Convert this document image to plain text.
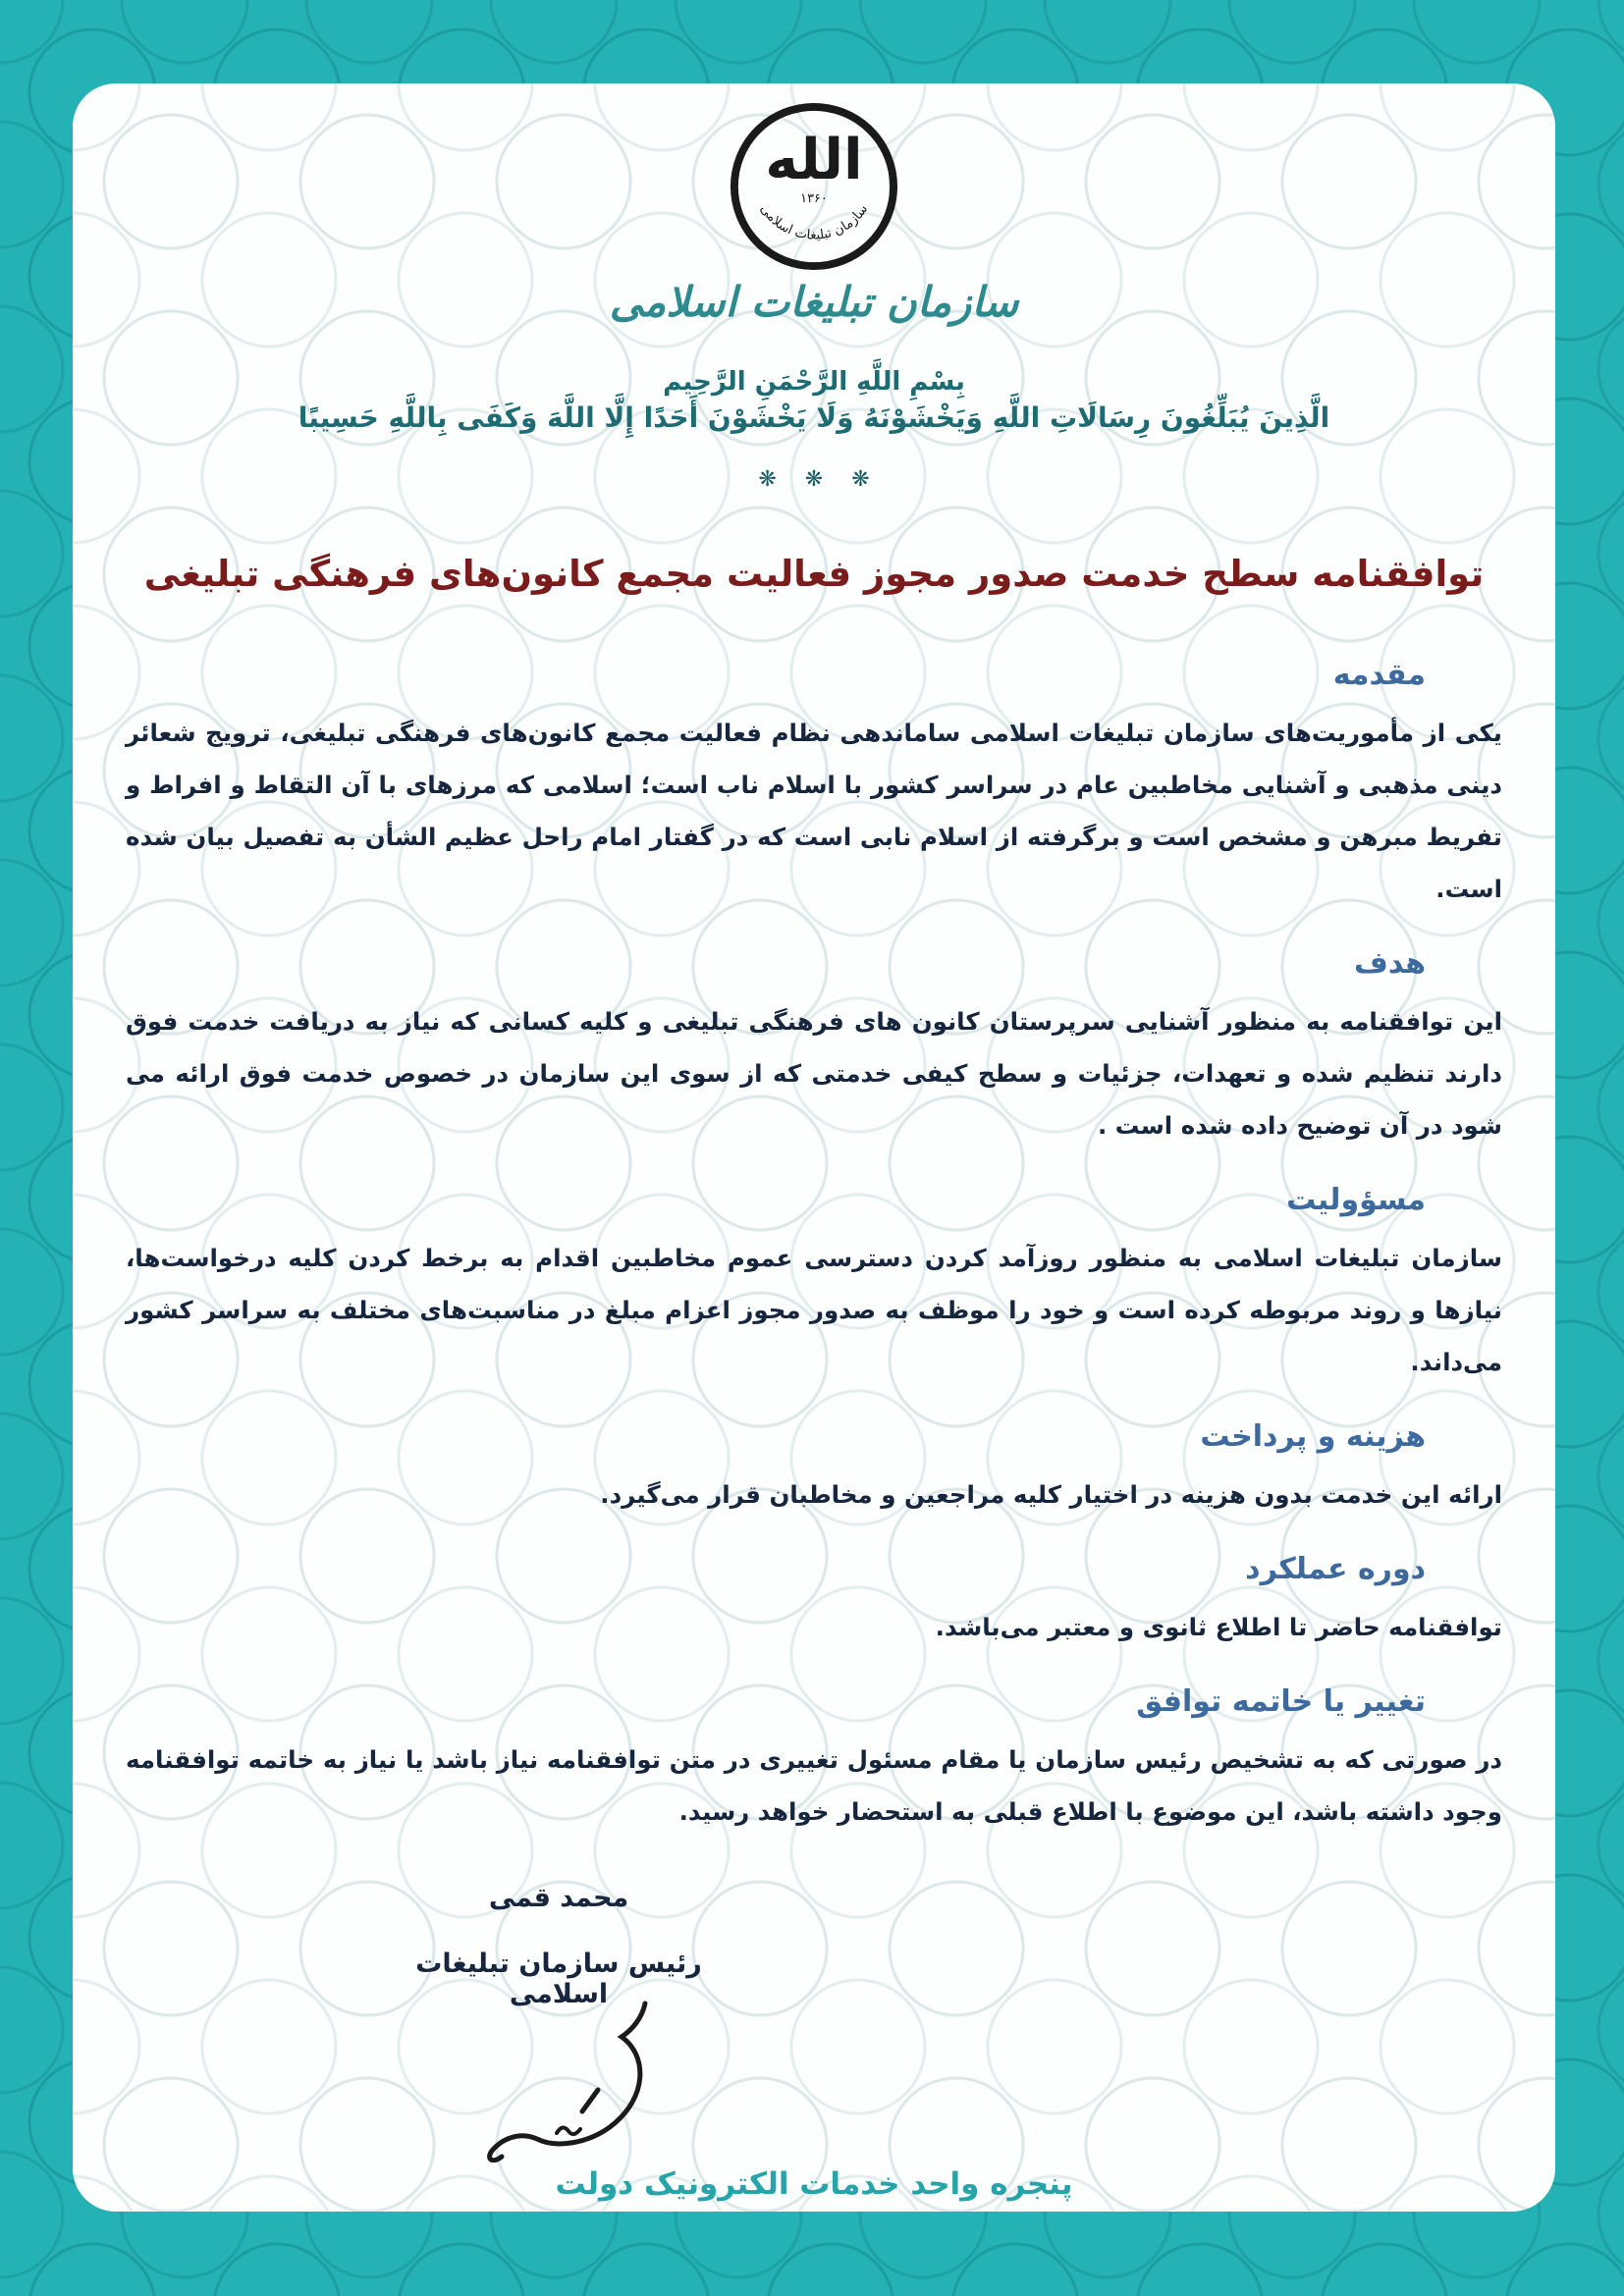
الله
۱۳۶۰
سازمان تبلیغات اسلامی
سازمان تبلیغات اسلامی
بِسْمِ اللَّهِ الرَّحْمَنِ الرَّحِيم
الَّذِينَ يُبَلِّغُونَ رِسَالَاتِ اللَّهِ وَيَخْشَوْنَهُ وَلَا يَخْشَوْنَ أَحَدًا إِلَّا اللَّهَ وَكَفَى بِاللَّهِ حَسِيبًا
❋ ❋ ❋
توافقنامه سطح خدمت صدور مجوز فعالیت مجمع کانون‌های فرهنگی تبلیغی
مقدمه

یکی از مأموریت‌های سازمان تبلیغات اسلامی ساماندهی نظام فعالیت مجمع کانون‌های فرهنگی تبلیغی، ترویج شعائر دینی مذهبی و آشنایی مخاطبین عام در سراسر کشور با اسلام ناب است؛ اسلامی که مرزهای با آن التقاط و افراط و تفریط مبرهن و مشخص است و برگرفته از اسلام نابی است که در گفتار امام راحل عظیم الشأن به تفصیل بیان شده است.

هدف

این توافقنامه به منظور آشنایی سرپرستان کانون های فرهنگی تبلیغی و کلیه کسانی که نیاز به دریافت خدمت فوق دارند تنظیم شده و تعهدات، جزئیات و سطح کیفی خدمتی که از سوی این سازمان در خصوص خدمت فوق ارائه می شود در آن توضیح داده شده است .

مسؤولیت

سازمان تبلیغات اسلامی به منظور روزآمد کردن دسترسی عموم مخاطبین اقدام به برخط کردن کلیه درخواست‌ها، نیازها و روند مربوطه کرده است و خود را موظف به صدور مجوز اعزام مبلغ در مناسبت‌های مختلف به سراسر کشور می‌داند.

هزینه و پرداخت

ارائه این خدمت بدون هزینه در اختیار کلیه مراجعین و مخاطبان قرار می‌گیرد.

دوره عملکرد

توافقنامه حاضر تا اطلاع ثانوی و معتبر می‌باشد.

تغییر یا خاتمه توافق

در صورتی که به تشخیص رئیس سازمان یا مقام مسئول تغییری در متن توافقنامه نیاز باشد یا نیاز به خاتمه توافقنامه وجود داشته باشد، این موضوع با اطلاع قبلی به استحضار خواهد رسید.

محمد قمی
رئیس سازمان تبلیغات اسلامی
پنجره واحد خدمات الکترونیک دولت
